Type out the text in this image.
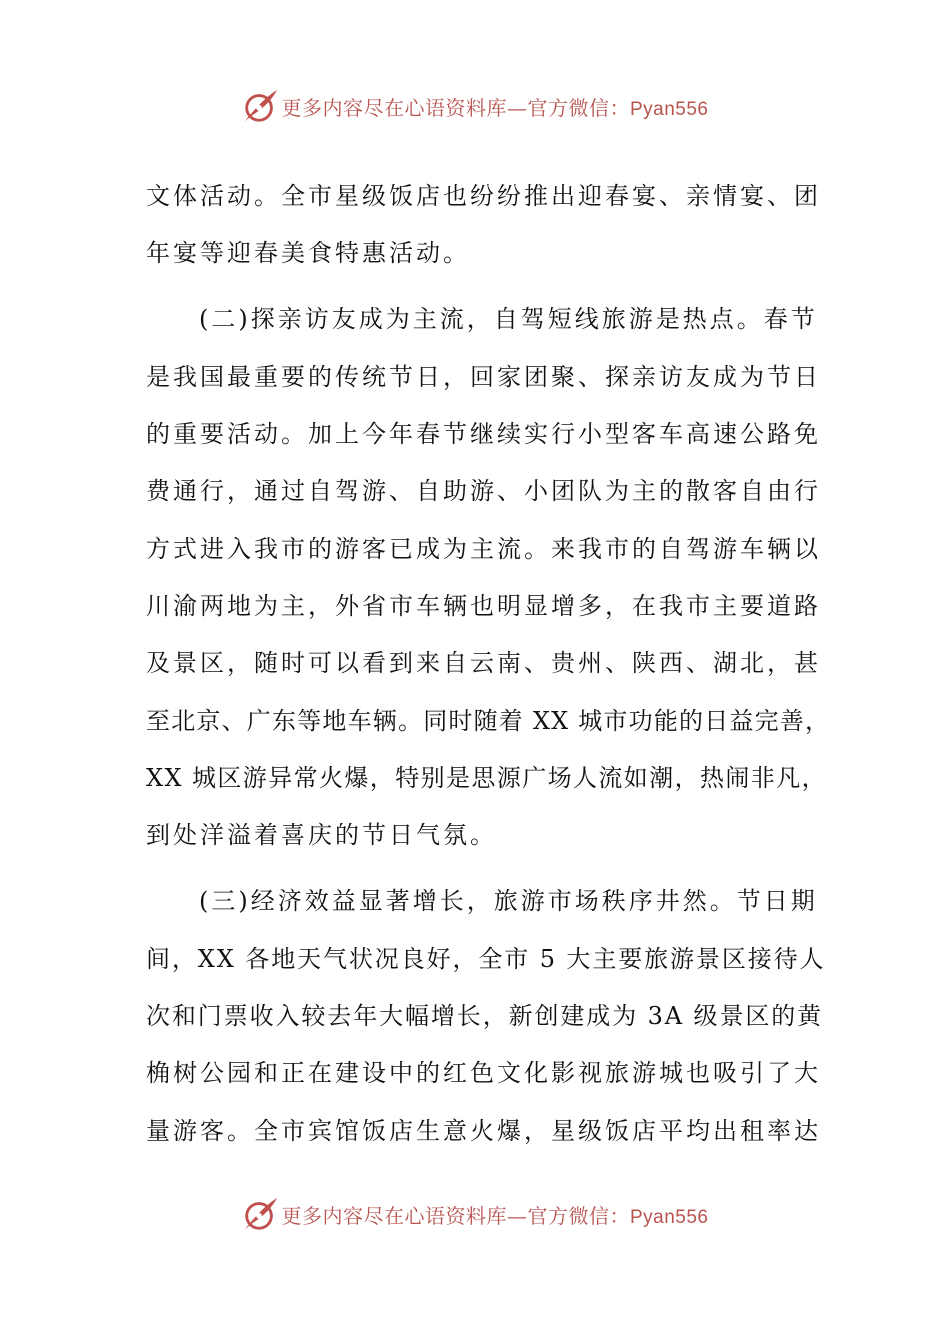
更多内容尽在心语资料库—官方微信：Pyan556
文体活动。全市星级饭店也纷纷推出迎春宴、亲情宴、团
年宴等迎春美食特惠活动。
(二)探亲访友成为主流，自驾短线旅游是热点。春节
是我国最重要的传统节日，回家团聚、探亲访友成为节日
的重要活动。加上今年春节继续实行小型客车高速公路免
费通行，通过自驾游、自助游、小团队为主的散客自由行
方式进入我市的游客已成为主流。来我市的自驾游车辆以
川渝两地为主，外省市车辆也明显增多，在我市主要道路
及景区，随时可以看到来自云南、贵州、陕西、湖北，甚
至北京、广东等地车辆。同时随着 XX 城市功能的日益完善，
XX 城区游异常火爆，特别是思源广场人流如潮，热闹非凡，
到处洋溢着喜庆的节日气氛。
(三)经济效益显著增长，旅游市场秩序井然。节日期
间，XX 各地天气状况良好，全市 5 大主要旅游景区接待人
次和门票收入较去年大幅增长，新创建成为 3A 级景区的黄
桷树公园和正在建设中的红色文化影视旅游城也吸引了大
量游客。全市宾馆饭店生意火爆，星级饭店平均出租率达
更多内容尽在心语资料库—官方微信：Pyan556
